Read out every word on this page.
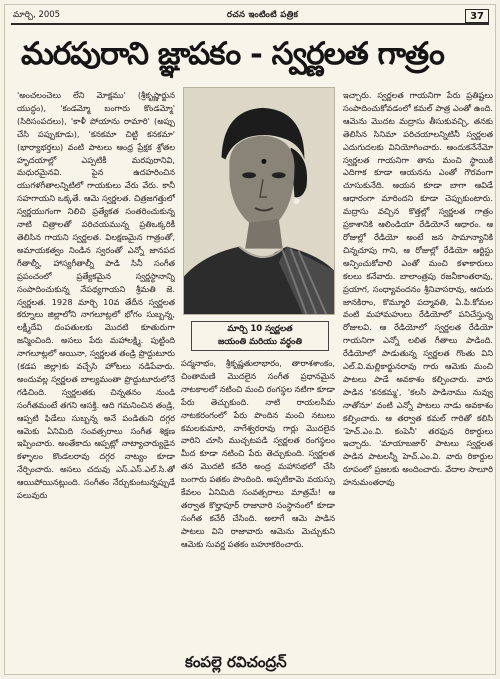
మార్చి, 2005	రచన ఇంటింటి పత్రిక	37
మరపురాని జ్ఞాపకం - స్వర్ణలత గాత్రం

'అంచలంచెలు లేని మోక్షము' (శ్రీకృష్ణార్జున యుద్ధం), 'కండమ్మో బంగారు కొండమ్మో' (సిరిసంపదలు), 'కాళీ పోయాను రామారి' (అప్పు చేసి పప్పుకూడు), 'కనకమా చిట్టి కనకమా' (భార్యాభర్తలు) వంటి పాటలు ఆంధ్ర ప్రేక్షక శ్రోతల హృదయాల్లో ఎప్పటికీ మరపురానివి, మధురమైనవి. పైన ఉదహరించిన యుగళగీతాలన్నిటిలో గాయకులు వేరు వేరు. కానీ సహగాయని ఒక్కతే. ఆమె స్వర్ణలత. చిత్రజగత్తులో స్వర్ణయుగంగా నిలిచి ప్రత్యేకత సంతరించుకున్న నాటి చిత్రాలతో పరిచయమున్న ప్రతిఒక్కరికీ తెలిసిన గాయని స్వర్ణలత. విలక్షణమైన గాత్రంతో, అమాయకత్వం నిండిన స్వరంతో ఎన్నో జానపద గీతాల్నీ, హాస్యగీతాల్నీ పాడి సినీ సంగీత ప్రపంచంలో ప్రత్యేకమైన స్వర్ణస్థానాన్ని సంపాదించుకున్న నేపథ్యగాయని శ్రీమతి జె. స్వర్ణలత. 1928 మార్చి 10వ తేదీన స్వర్ణలత కర్నూలు జిల్లాలోని నాగలూట్లలో భోగం సుబ్బన్న, లక్ష్మీదేవి దంపతులకు మొదటి కూతురుగా జన్మించింది. అసలు పేరు మహాలక్ష్మి. పుట్టింది నాగలూట్లలో అయినా, స్వర్ణలత తండ్రి ప్రొద్దుటూరు (కడప జిల్లా)కు వచ్చేసి హోటలు నడిపేవారు. అందువల్ల స్వర్ణలత బాల్యమంతా ప్రొద్దుటూరులోనే గడిచింది. స్వర్ణలతకు చిన్నతనం నుండి సంగీతమంటే తగని ఆసక్తి. ఆది గమనించిన తండ్రి, ఆప్పటి ఫిడేలు సుబ్బన్న అనే పండితుని దగ్గర ఆమెకు ఏనిమిది సంవత్సరాలు సంగీత శిక్షణ ఇప్పించారు. అంతేకాదు ఆప్పట్లో నాట్యాచార్యుడైన కళ్ళాలం కొండలరావు దగ్గర నాట్యం కూడా నేర్పించారు. అసలు చదువు ఎస్.ఎస్.ఎల్.సి.తో ఆయిపోయినట్లుంది. సంగీతం నేర్చుకుంటున్నప్పుడే పలువురు

మార్చి 10 స్వర్ణలత
జయంతి మరియు వర్ధంతి

పద్మనాభం, శ్రీకృష్ణతులాభారం, తారాశశాంకం, చింతామణి మొదలైన సంగీత ప్రధానమైన నాటకాలలో నటించి మంచి రంగస్థల నటిగా కూడా పేరు తెచ్చుకుంది. నాటి రాయలసీమ నాటకరంగంలో పేరు పొందిన మంచి నటులు కమలకుమారి, నాగేశ్వరరావు గార్లు మొదలైన వారిని చూసి ముచ్చటపడి స్వర్ణలత రంగస్థలం మీద కూడా నటించి పేరు తెచ్చుకుంది. స్వర్ణలత తన మొదటి కచేరి అంద్ర మహాసభలో చేసి బంగారు పతకం పొందింది. అప్పటికామె వయస్సు కేవలం ఏనిమిది సంవత్సరాలు మాత్రమే! ఆ తర్వాత కొల్హాపూర్ రాజావారి సంస్థానంలో కూడా సంగీత కచేరీ చేసింది. అలాగే ఆమె పాడిన పాటలు విని రాజావారు ఆమెను మెచ్చుకుని ఆమెకు సువర్ణ పతకం బహూకరించారు.

కంపల్లె రవిచంద్రన్

ఇచ్చారు. స్వర్ణలత గాయనిగా పేరు ప్రతిష్టలు సంపాదించుకోవడంలో కమల్ పాత్ర ఎంతో ఉంది. ఆమెను మొదట మద్రాసు తీసుకువచ్చి, తనకు తెలిసిన సినిమా పరిచయాలన్నిటినీ స్వర్ణలత ఎదుగుదలకు వినియోగించారు. ఆందుకనేనేమో స్వర్ణలత గాయనిగా తాను మంచి స్థాయికి ఎదిగాక కూడా ఆయనను ఎంతో గౌరవంగా చూసుకునేది. ఆయన కూడా బాగా ఆవిడే ఆధారంగా మారిందని కూడా చెప్పుకుంటారు. మద్రాసు వచ్చిన కొత్తల్లో స్వర్ణలత గాత్రం ప్రకాశానికి ఆలిండియా రేడియోనే ఆధారం. ఆ రోజుల్లో రేడియో అంటే జన సామాన్యానికి చిన్నచూపు గాని, ఆ రోజుల్లో రేడియో ఆర్టిస్టు అన్పించుకోవాలి ఎంతో మంచి కళాకారులు కలలు కనేవారు. బాలాంత్రపు రజనీకాంతరావు, ప్రయాగ, సంధ్యావందనం శ్రీనివాసరావు, ఆదురు జానకిరాం, కొమ్మూరి పద్మావతి, ఏ.పి.కోమల వంటి మహామహులు రేడియోలో పనిచేస్తున్న రోజులవి. ఆ రేడియోలో స్వర్ణలత రేడియో గాయనిగా ఎన్నో లలిత గీతాలు పాడింది. రేడియోలో పాడుతున్న స్వర్ణలత గొంతు విని ఎల్.వి.మల్లికార్జునరావు గారు ఆమెకు మంచి పాటలు పాడే అవకాశం కల్పించారు. వారు పాడిన 'కనకమ్మ', 'కలసి పాడినాము నువ్వు నాతోనూ' వంటి ఎన్నో పాటలు నాడు అవకాశం కల్పించారు. ఆ తర్వాత కమల్ గారితో కలిసి 'హెచ్.ఎం.వి. కంపెనీ' తరఫున రికార్డులు ఇచ్చారు. 'మాయాబజార్' పాటలు స్వర్ణలత పాడిన పాటలన్నీ హెచ్.ఎం.వి. వారు రికార్డుల రూపంలో ప్రజలకు అందించారు. వేదాల సాలూరి హనుమంతరావు
